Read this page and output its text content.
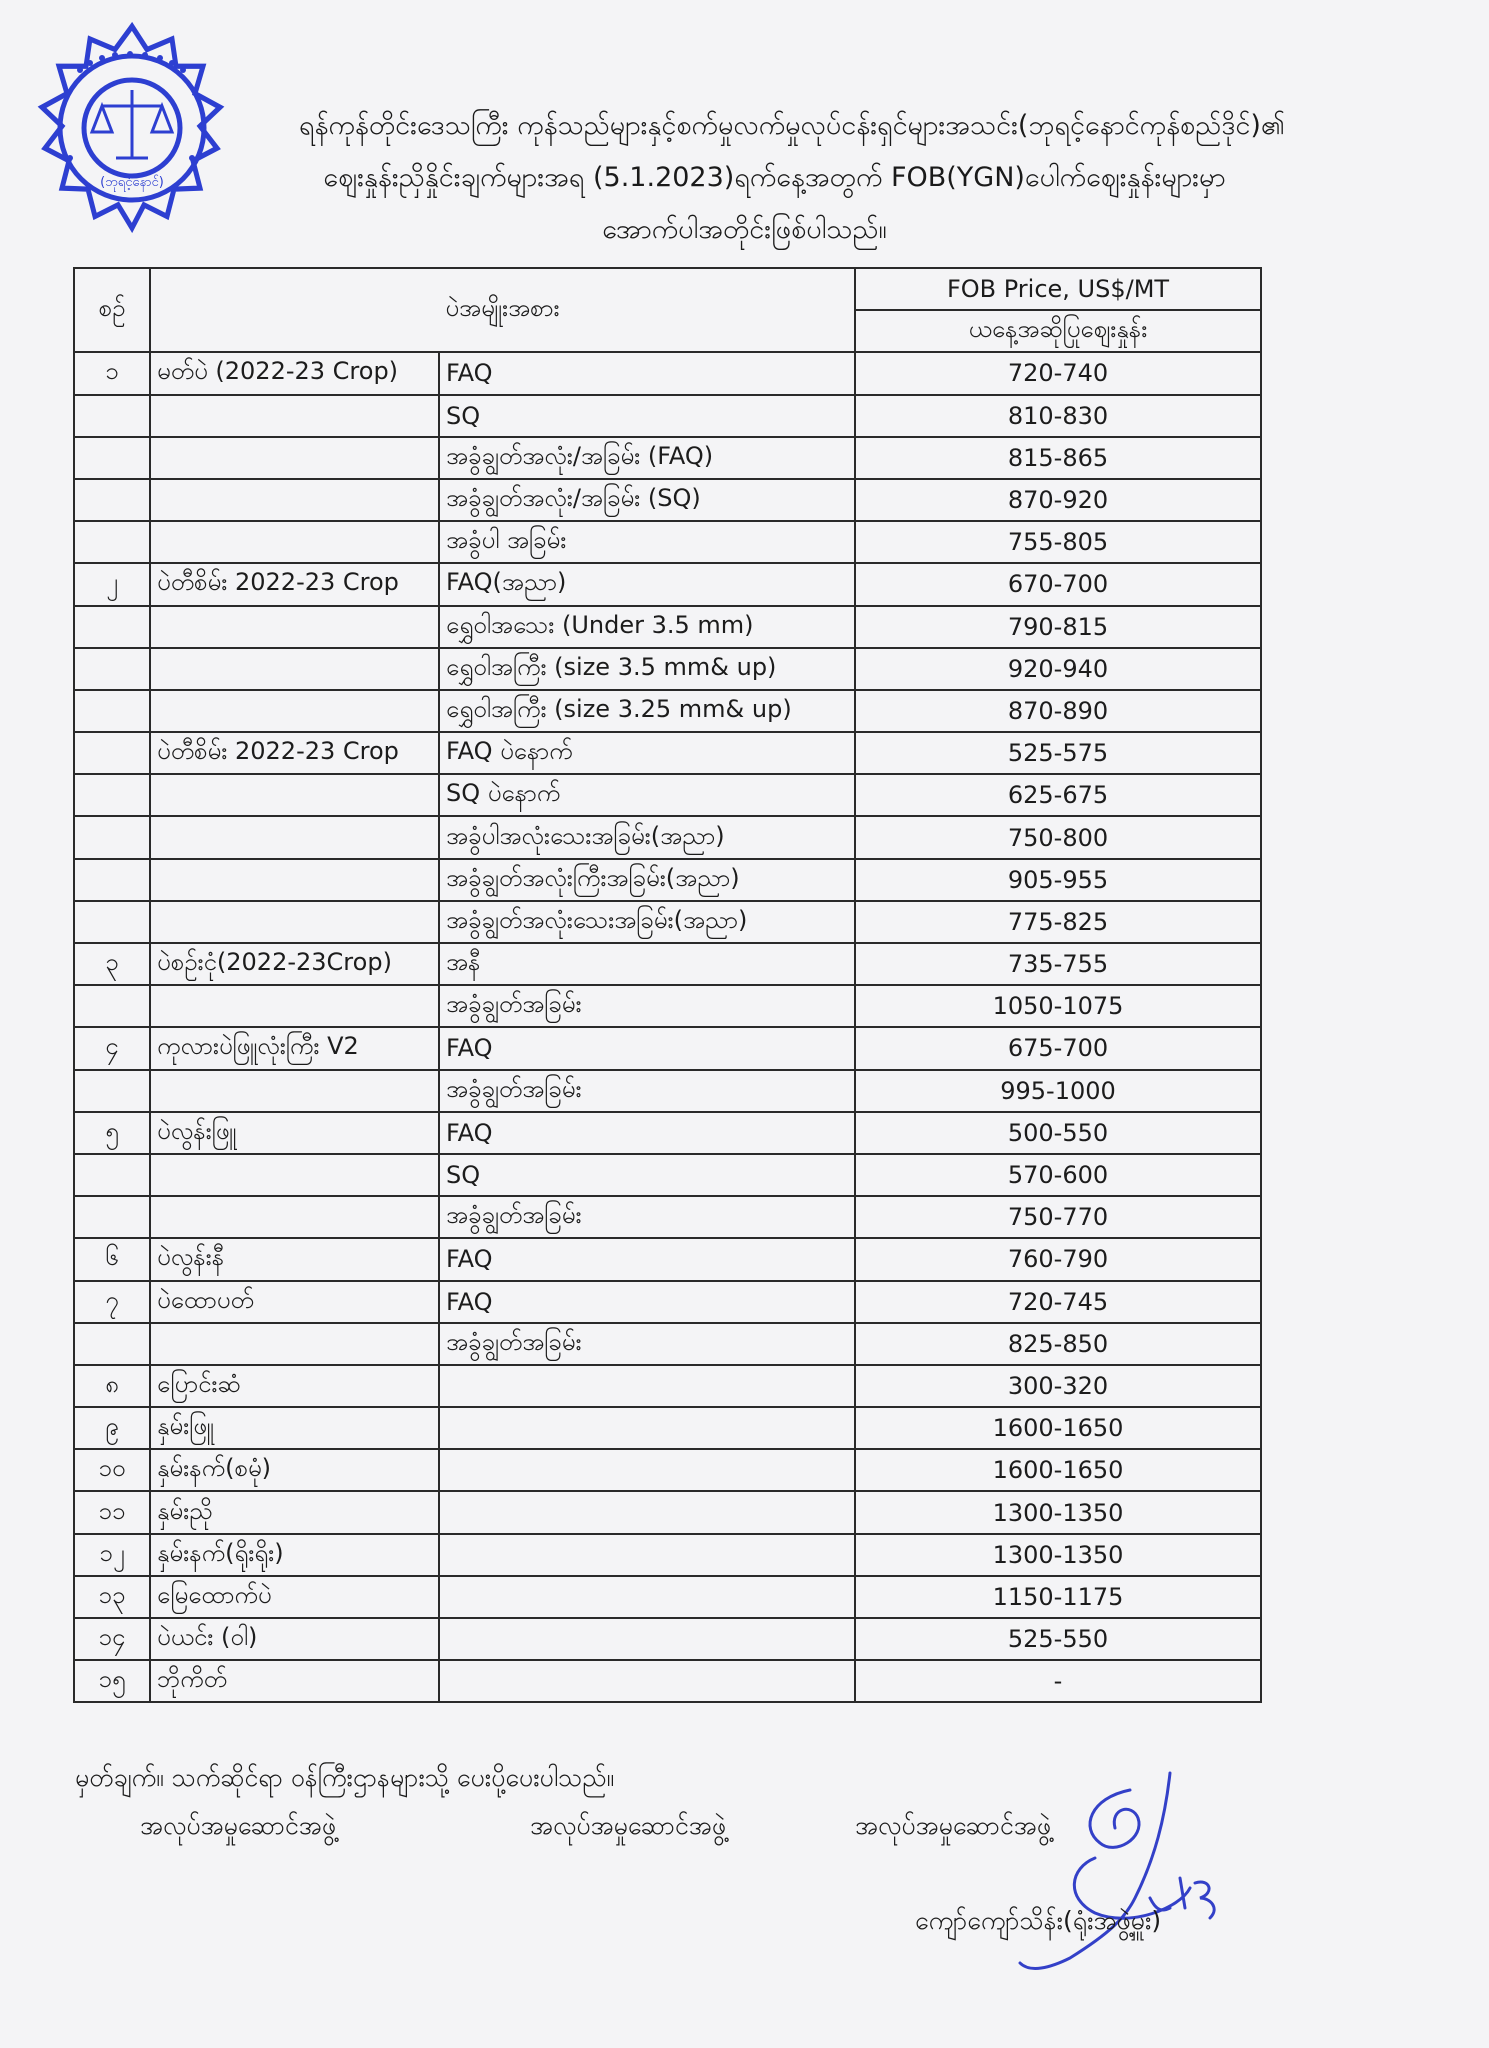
(ဘုရင့်နောင်)
ရန်ကုန်တိုင်းဒေသကြီး ကုန်သည်များနှင့်စက်မှုလက်မှုလုပ်ငန်းရှင်များအသင်း(ဘုရင့်နောင်ကုန်စည်ဒိုင်)၏
ဈေးနှုန်းညှိနှိုင်းချက်များအရ (5.1.2023)ရက်နေ့အတွက် FOB(YGN)ပေါက်ဈေးနှုန်းများမှာ
အောက်ပါအတိုင်းဖြစ်ပါသည်။
စဉ်	ပဲအမျိုးအစား		FOB Price, US$/MT
			ယနေ့အဆိုပြုဈေးနှုန်း
၁	မတ်ပဲ (2022-23 Crop)	FAQ	720-740
		SQ	810-830
		အခွံချွတ်အလုံး/အခြမ်း (FAQ)	815-865
		အခွံချွတ်အလုံး/အခြမ်း (SQ)	870-920
		အခွံပါ အခြမ်း	755-805
၂	ပဲတီစိမ်း 2022-23 Crop	FAQ(အညာ)	670-700
		ရွှေဝါအသေး (Under 3.5 mm)	790-815
		ရွှေဝါအကြီး (size 3.5 mm& up)	920-940
		ရွှေဝါအကြီး (size 3.25 mm& up)	870-890
	ပဲတီစိမ်း 2022-23 Crop	FAQ ပဲနောက်	525-575
		SQ ပဲနောက်	625-675
		အခွံပါအလုံးသေးအခြမ်း(အညာ)	750-800
		အခွံချွတ်အလုံးကြီးအခြမ်း(အညာ)	905-955
		အခွံချွတ်အလုံးသေးအခြမ်း(အညာ)	775-825
၃	ပဲစဉ်းငုံ(2022-23Crop)	အနီ	735-755
		အခွံချွတ်အခြမ်း	1050-1075
၄	ကုလားပဲဖြူလုံးကြီး V2	FAQ	675-700
		အခွံချွတ်အခြမ်း	995-1000
၅	ပဲလွန်းဖြူ	FAQ	500-550
		SQ	570-600
		အခွံချွတ်အခြမ်း	750-770
၆	ပဲလွန်းနီ	FAQ	760-790
၇	ပဲထောပတ်	FAQ	720-745
		အခွံချွတ်အခြမ်း	825-850
၈	ပြောင်းဆံ		300-320
၉	နှမ်းဖြူ		1600-1650
၁၀	နှမ်းနက်(စမုံ)		1600-1650
၁၁	နှမ်းညို		1300-1350
၁၂	နှမ်းနက်(ရိုးရိုး)		1300-1350
၁၃	မြေထောက်ပဲ		1150-1175
၁၄	ပဲယင်း (ဝါ)		525-550
၁၅	ဘိုကိတ်		-
မှတ်ချက်။ သက်ဆိုင်ရာ ဝန်ကြီးဌာနများသို့ ပေးပို့ပေးပါသည်။
အလုပ်အမှုဆောင်အဖွဲ့	အလုပ်အမှုဆောင်အဖွဲ့	အလုပ်အမှုဆောင်အဖွဲ့
ကျော်ကျော်သိန်း(ရုံးအဖွဲ့မှူး)
